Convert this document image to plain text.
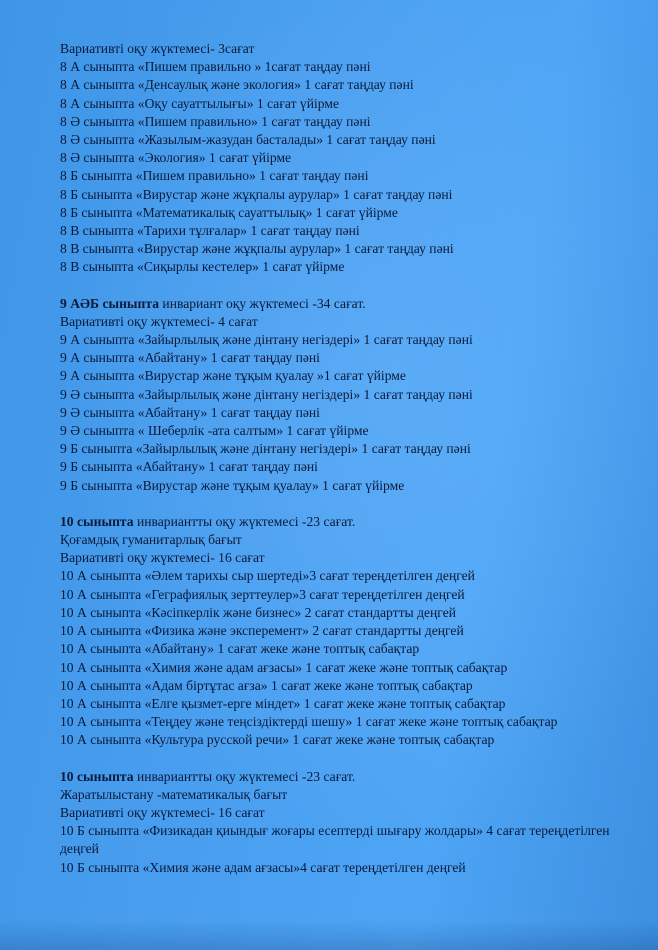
Вариативті оқу жүктемесі- 3сағат
8 А сыныпта «Пишем правильно » 1сағат таңдау пәні
8 А сыныпта «Денсаулық және экология» 1 сағат таңдау пәні
8 А сыныпта «Оқу сауаттылығы» 1 сағат үйірме
8 Ә сыныпта «Пишем правильно» 1 сағат таңдау пәні
8 Ә сыныпта «Жазылым-жазудан басталады» 1 сағат таңдау пәні
8 Ә сыныпта «Экология» 1 сағат үйірме
8 Б сыныпта «Пишем правильно» 1 сағат таңдау пәні
8 Б сыныпта «Вирустар және жұқпалы аурулар» 1 сағат таңдау пәні
8 Б сыныпта «Математикалық сауаттылық» 1 сағат үйірме
8 В сыныпта «Тарихи тұлғалар» 1 сағат таңдау пәні
8 В сыныпта «Вирустар және жұқпалы аурулар» 1 сағат таңдау пәні
8 В сыныпта «Сиқырлы кестелер» 1 сағат үйірме
9 АӘБ сыныпта инвариант оқу жүктемесі -34 сағат.
Вариативті оқу жүктемесі- 4 сағат
9 А сыныпта «Зайырлылық және дінтану негіздері» 1 сағат таңдау пәні
9 А сыныпта «Абайтану» 1 сағат таңдау пәні
9 А сыныпта «Вирустар және тұқым қуалау »1 сағат үйірме
9 Ә сыныпта «Зайырлылық және дінтану негіздері» 1 сағат таңдау пәні
9 Ә сыныпта «Абайтану» 1 сағат таңдау пәні
9 Ә сыныпта « Шеберлік -ата салтым» 1 сағат үйірме
9 Б сыныпта «Зайырлылық және дінтану негіздері» 1 сағат таңдау пәні
9 Б сыныпта «Абайтану» 1 сағат таңдау пәні
9 Б сыныпта «Вирустар және тұқым қуалау» 1 сағат үйірме
10 сыныпта инвариантты оқу жүктемесі -23 сағат.
Қоғамдық гуманитарлық бағыт
Вариативті оқу жүктемесі- 16 сағат
10 А сыныпта «Әлем тарихы сыр шертеді»3 сағат тереңдетілген деңгей
10 А сыныпта «Геграфиялық зерттеулер»3 сағат тереңдетілген деңгей
10 А сыныпта «Кәсіпкерлік және бизнес» 2 сағат стандартты деңгей
10 А сыныпта «Физика және эксперемент» 2 сағат стандартты деңгей
10 А сыныпта «Абайтану» 1 сағат жеке және топтық сабақтар
10 А сыныпта «Химия және адам ағзасы» 1 сағат жеке және топтық сабақтар
10 А сыныпта «Адам біртұтас ағза» 1 сағат жеке және топтық сабақтар
10 А сыныпта «Елге қызмет-ерге міндет» 1 сағат жеке және топтық сабақтар
10 А сыныпта «Теңдеу және теңсіздіктерді шешу» 1 сағат жеке және топтық сабақтар
10 А сыныпта «Культура русской речи» 1 сағат жеке және топтық сабақтар
10 сыныпта инвариантты оқу жүктемесі -23 сағат.
Жаратылыстану -математикалық бағыт
Вариативті оқу жүктемесі- 16 сағат
10 Б сыныпта «Физикадан қиындығ жоғары есептерді шығару жолдары» 4 сағат тереңдетілген деңгей
10 Б сыныпта «Химия және адам ағзасы»4 сағат тереңдетілген деңгей
